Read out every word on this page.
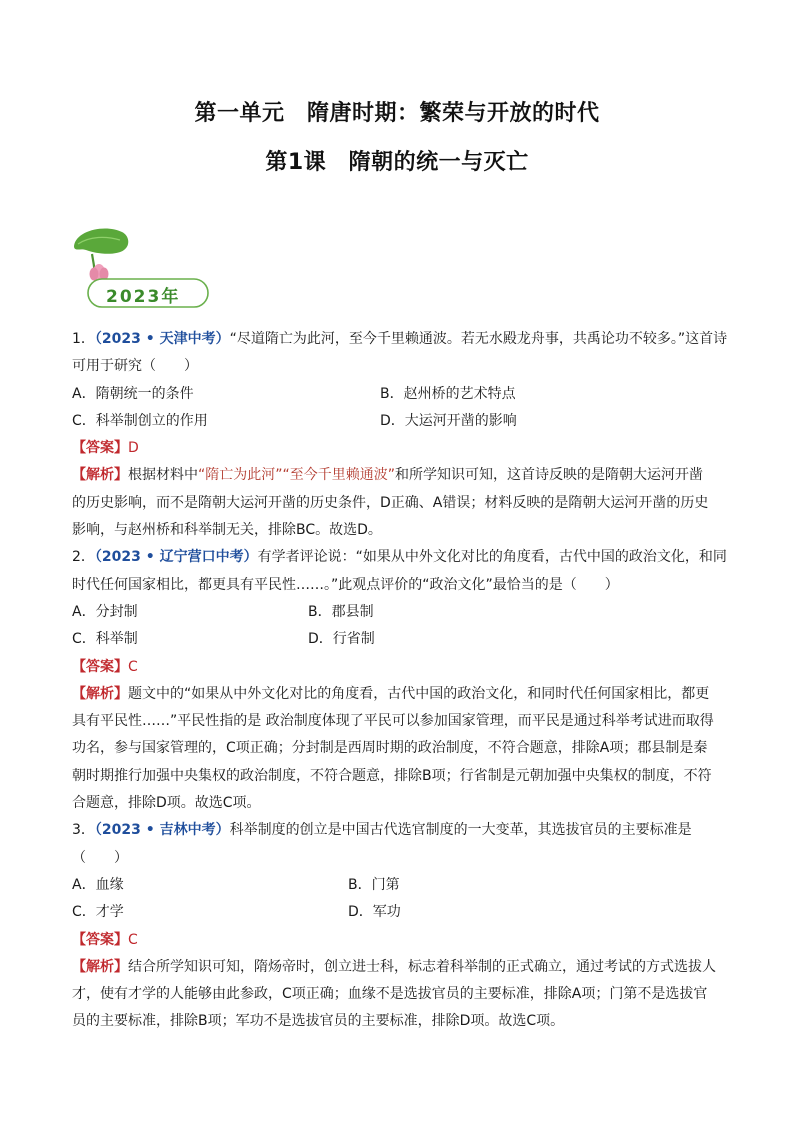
第一单元　隋唐时期：繁荣与开放的时代
第1课　隋朝的统一与灭亡
2023年
1．（2023 • 天津中考）“尽道隋亡为此河，至今千里赖通波。若无水殿龙舟事，共禹论功不较多。”这首诗
可用于研究（　　）
A．隋朝统一的条件	B．赵州桥的艺术特点
C．科举制创立的作用	D．大运河开凿的影响
【答案】D
【解析】根据材料中“隋亡为此河”“至今千里赖通波”和所学知识可知，这首诗反映的是隋朝大运河开凿
的历史影响，而不是隋朝大运河开凿的历史条件，D正确、A错误；材料反映的是隋朝大运河开凿的历史
影响，与赵州桥和科举制无关，排除BC。故选D。
2．（2023 • 辽宁营口中考）有学者评论说：“如果从中外文化对比的角度看，古代中国的政治文化，和同
时代任何国家相比，都更具有平民性……。”此观点评价的“政治文化”最恰当的是（　　）
A．分封制	B．郡县制
C．科举制	D．行省制
【答案】C
【解析】题文中的“如果从中外文化对比的角度看，古代中国的政治文化，和同时代任何国家相比，都更
具有平民性……”平民性指的是 政治制度体现了平民可以参加国家管理，而平民是通过科举考试进而取得
功名，参与国家管理的，C项正确；分封制是西周时期的政治制度，不符合题意，排除A项；郡县制是秦
朝时期推行加强中央集权的政治制度，不符合题意，排除B项；行省制是元朝加强中央集权的制度，不符
合题意，排除D项。故选C项。
3．（2023 • 吉林中考）科举制度的创立是中国古代选官制度的一大变革，其选拔官员的主要标准是
（　　）
A．血缘	B．门第
C．才学	D．军功
【答案】C
【解析】结合所学知识可知，隋炀帝时，创立进士科，标志着科举制的正式确立，通过考试的方式选拔人
才，使有才学的人能够由此参政，C项正确；血缘不是选拔官员的主要标准，排除A项；门第不是选拔官
员的主要标准，排除B项；军功不是选拔官员的主要标准，排除D项。故选C项。
